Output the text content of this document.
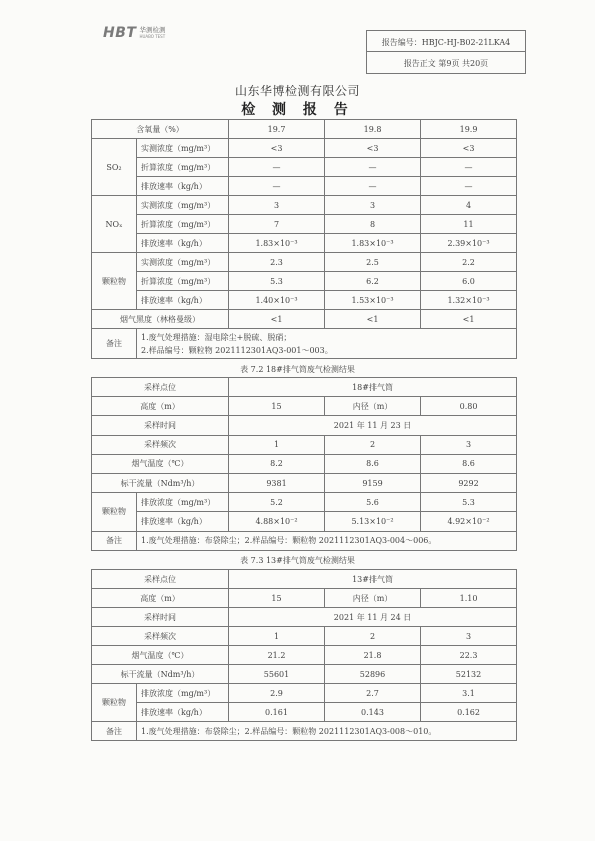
HBT 华测检测
HUABO TEST
报告编号：HBJC-HJ-B02-21LKA4
报告正文 第9页 共20页
山东华博检测有限公司
检 测 报 告
含氧量（%）		19.7	19.8	19.9
SO₂	实测浓度（mg/m³）	<3	<3	<3
	折算浓度（mg/m³）	—	—	—
	排放速率（kg/h）	—	—	—
NOₓ	实测浓度（mg/m³）	3	3	4
	折算浓度（mg/m³）	7	8	11
	排放速率（kg/h）	1.83×10⁻³	1.83×10⁻³	2.39×10⁻³
颗粒物	实测浓度（mg/m³）	2.3	2.5	2.2
	折算浓度（mg/m³）	5.3	6.2	6.0
	排放速率（kg/h）	1.40×10⁻³	1.53×10⁻³	1.32×10⁻³
烟气黑度（林格曼级）		<1	<1	<1
备注	1.废气处理措施：湿电除尘+脱硫、脱硝；
2.样品编号：颗粒物 2021112301AQ3-001～003。			
表 7.2 18#排气筒废气检测结果
采样点位		18#排气筒		
高度（m）		15	内径（m）	0.80
采样时间		2021 年 11 月 23 日		
采样频次		1	2	3
烟气温度（℃）		8.2	8.6	8.6
标干流量（Ndm³/h）		9381	9159	9292
颗粒物	排放浓度（mg/m³）	5.2	5.6	5.3
	排放速率（kg/h）	4.88×10⁻²	5.13×10⁻²	4.92×10⁻²
备注	1.废气处理措施：布袋除尘；2.样品编号：颗粒物 2021112301AQ3-004～006。			
表 7.3 13#排气筒废气检测结果
采样点位		13#排气筒		
高度（m）		15	内径（m）	1.10
采样时间		2021 年 11 月 24 日		
采样频次		1	2	3
烟气温度（℃）		21.2	21.8	22.3
标干流量（Ndm³/h）		55601	52896	52132
颗粒物	排放浓度（mg/m³）	2.9	2.7	3.1
	排放速率（kg/h）	0.161	0.143	0.162
备注	1.废气处理措施：布袋除尘；2.样品编号：颗粒物 2021112301AQ3-008～010。			
